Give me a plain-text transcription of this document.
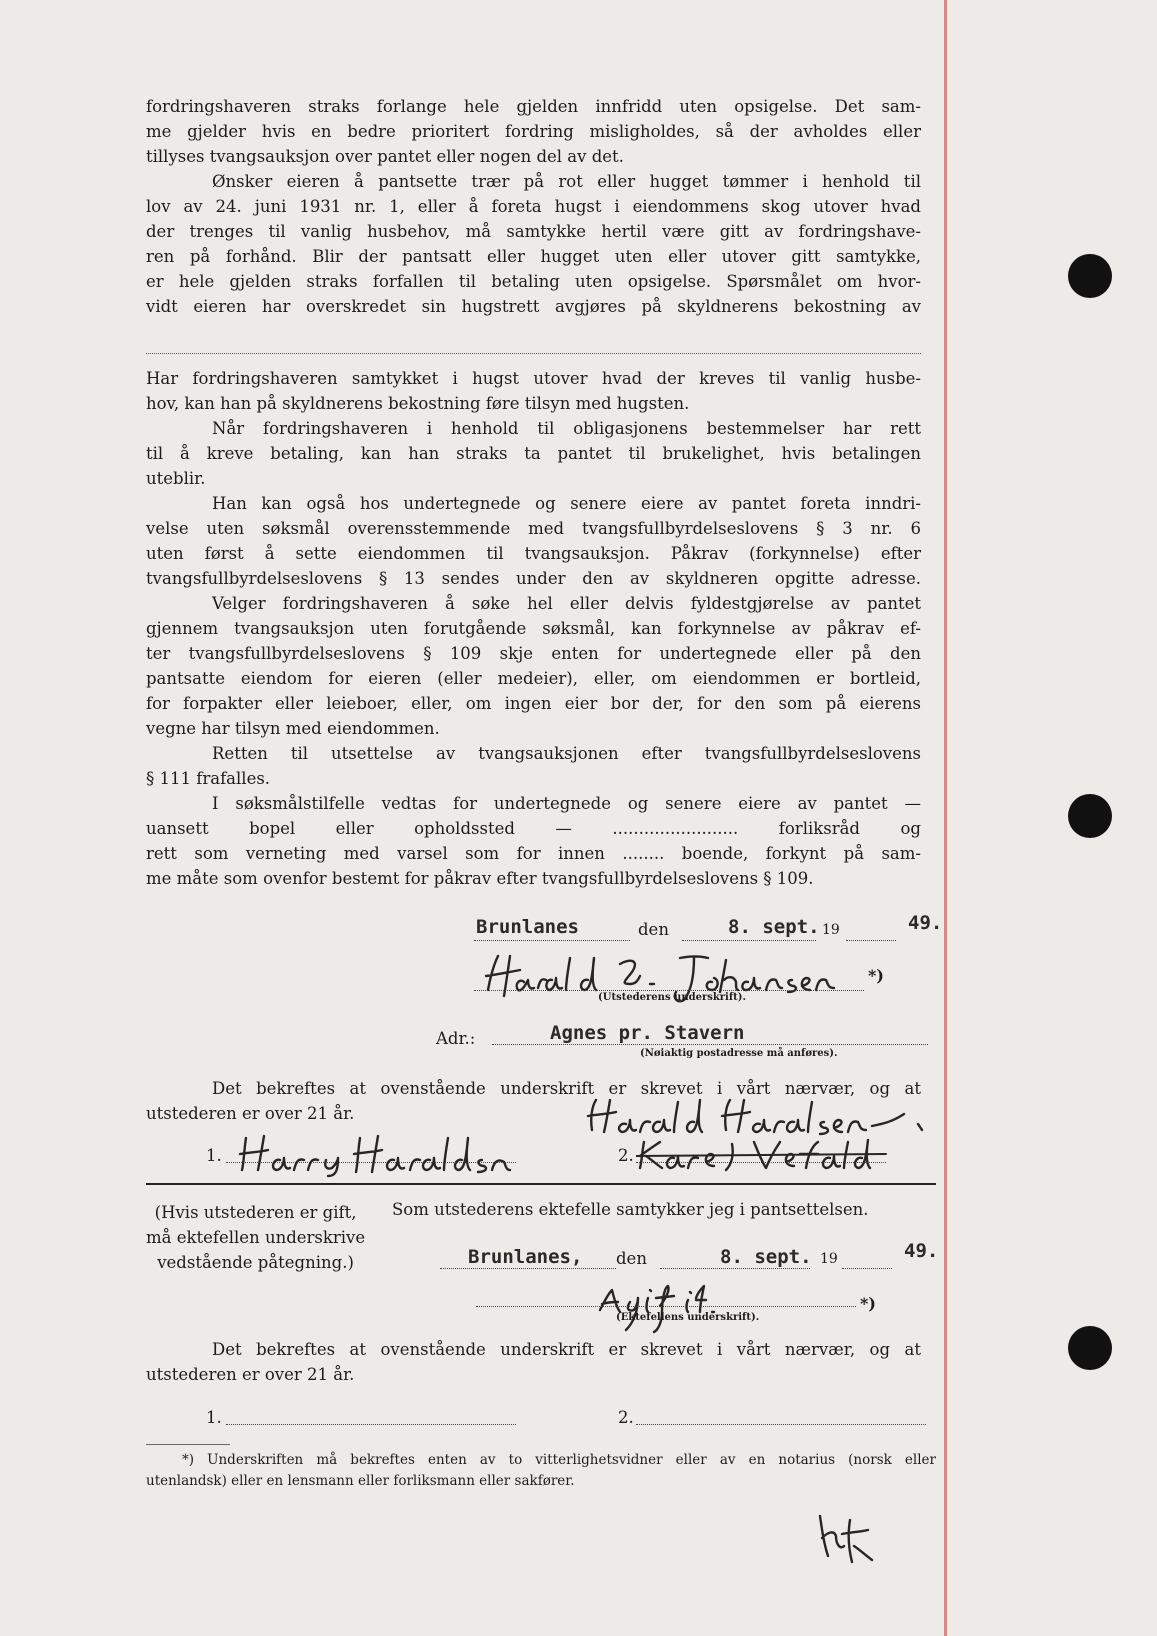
fordringshaveren straks forlange hele gjelden innfridd uten opsigelse. Det sam-
me gjelder hvis en bedre prioritert fordring misligholdes, så der avholdes eller
tillyses tvangsauksjon over pantet eller nogen del av det.
Ønsker eieren å pantsette trær på rot eller hugget tømmer i henhold til
lov av 24. juni 1931 nr. 1, eller å foreta hugst i eiendommens skog utover hvad
der trenges til vanlig husbehov, må samtykke hertil være gitt av fordringshave-
ren på forhånd. Blir der pantsatt eller hugget uten eller utover gitt samtykke,
er hele gjelden straks forfallen til betaling uten opsigelse. Spørsmålet om hvor-
vidt eieren har overskredet sin hugstrett avgjøres på skyldnerens bekostning av
Har fordringshaveren samtykket i hugst utover hvad der kreves til vanlig husbe-
hov, kan han på skyldnerens bekostning føre tilsyn med hugsten.
Når fordringshaveren i henhold til obligasjonens bestemmelser har rett
til å kreve betaling, kan han straks ta pantet til brukelighet, hvis betalingen
uteblir.
Han kan også hos undertegnede og senere eiere av pantet foreta inndri-
velse uten søksmål overensstemmende med tvangsfullbyrdelseslovens § 3 nr. 6
uten først å sette eiendommen til tvangsauksjon. Påkrav (forkynnelse) efter
tvangsfullbyrdelseslovens § 13 sendes under den av skyldneren opgitte adresse.
Velger fordringshaveren å søke hel eller delvis fyldestgjørelse av pantet
gjennem tvangsauksjon uten forutgående søksmål, kan forkynnelse av påkrav ef-
ter tvangsfullbyrdelseslovens § 109 skje enten for undertegnede eller på den
pantsatte eiendom for eieren (eller medeier), eller, om eiendommen er bortleid,
for forpakter eller leieboer, eller, om ingen eier bor der, for den som på eierens
vegne har tilsyn med eiendommen.
Retten til utsettelse av tvangsauksjonen efter tvangsfullbyrdelseslovens
§ 111 frafalles.
I søksmålstilfelle vedtas for undertegnede og senere eiere av pantet —
uansett bopel eller opholdssted — ........................ forliksråd og
rett som verneting med varsel som for innen ........ boende, forkynt på sam-
me måte som ovenfor bestemt for påkrav efter tvangsfullbyrdelseslovens § 109.
Brunlanes	den	8. sept. 19	49.
*)
(Utstederens underskrift).
Adr.:	Agnes pr. Stavern
(Nøiaktig postadresse må anføres).
Det bekreftes at ovenstående underskrift er skrevet i vårt nærvær, og at
utstederen er over 21 år.
1.	2.
(Hvis utstederen er gift,
må ektefellen underskrive
vedstående påtegning.)
Som utstederens ektefelle samtykker jeg i pantsettelsen.
Brunlanes, den	8. sept. 19	49.
*)
(Ektefellens underskrift).
Det bekreftes at ovenstående underskrift er skrevet i vårt nærvær, og at
utstederen er over 21 år.
1.	2.
*) Underskriften må bekreftes enten av to vitterlighetsvidner eller av en notarius (norsk eller
utenlandsk) eller en lensmann eller forliksmann eller sakfører.
